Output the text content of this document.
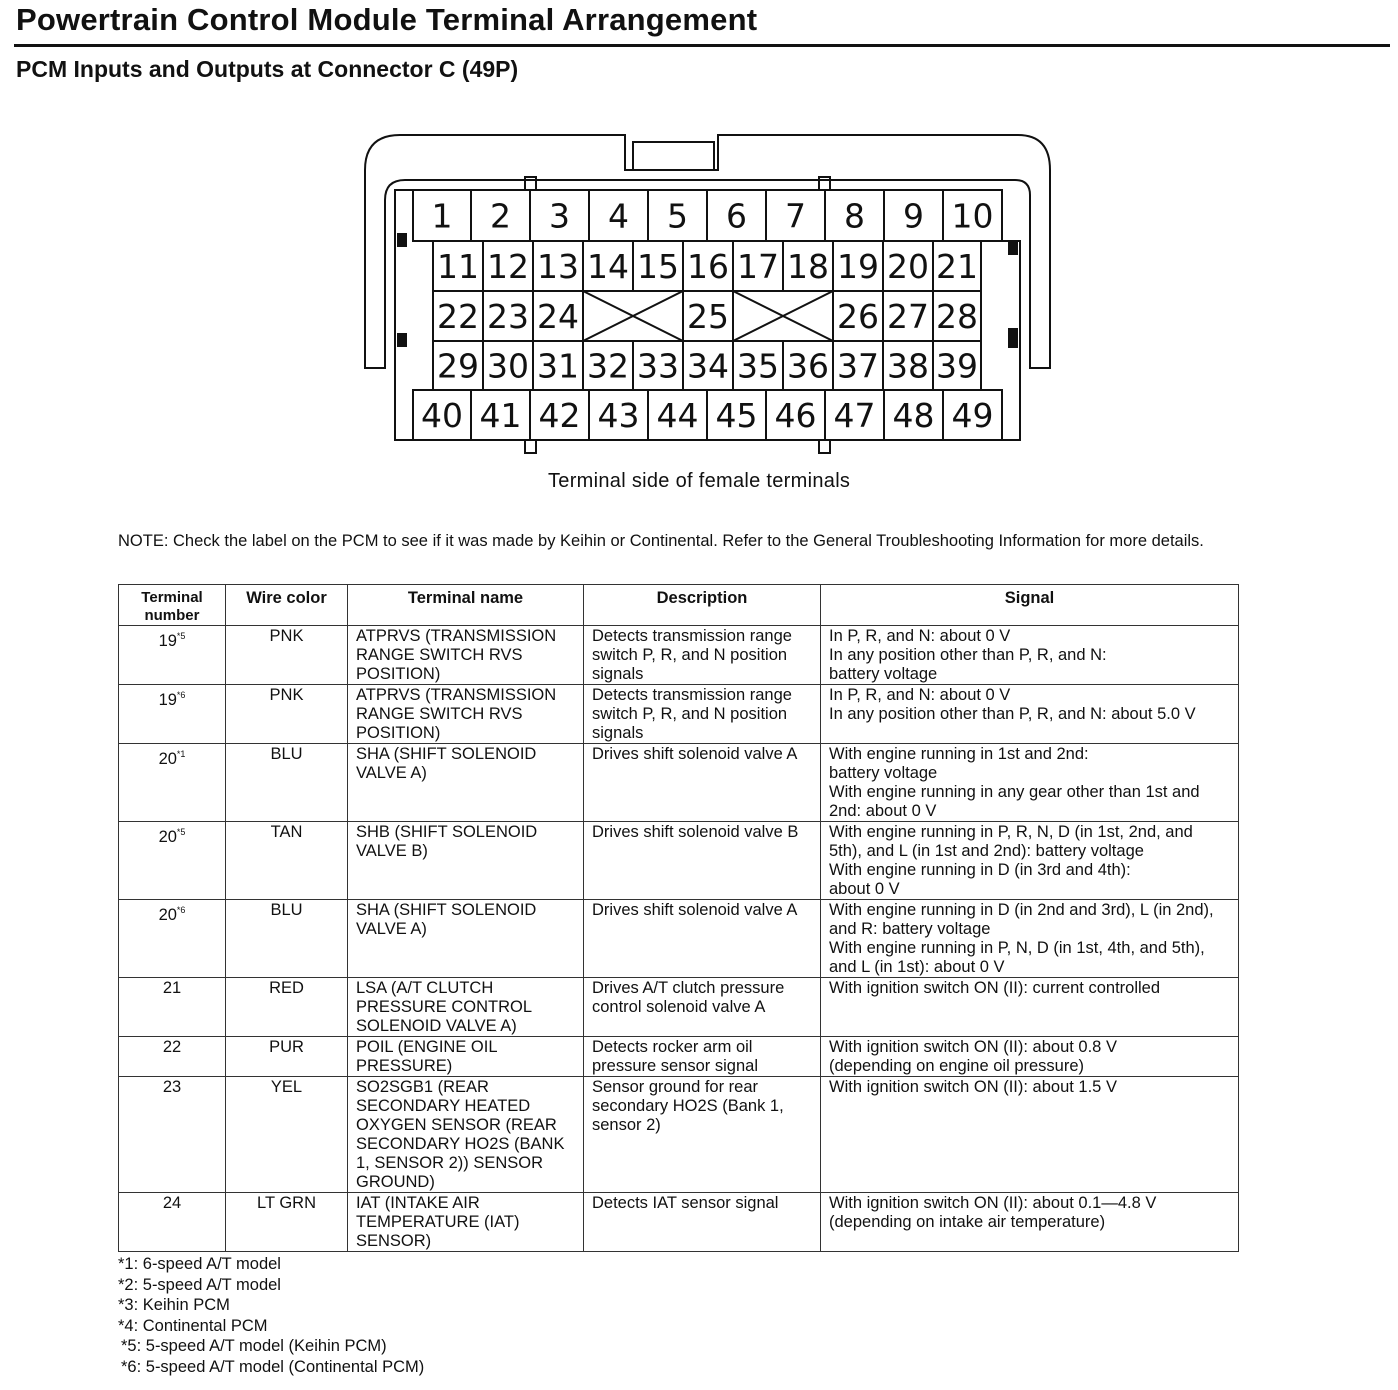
Powertrain Control Module Terminal Arrangement
PCM Inputs and Outputs at Connector C (49P)
1 2 3 4 5 6 7 8 9 10
11 12 13 14 15 16 17 18 19 20 21
22 23 24	25	26 27 28
29 30 31 32 33 34 35 36 37 38 39
40 41 42 43 44 45 46 47 48 49
Terminal side of female terminals
NOTE: Check the label on the PCM to see if it was made by Keihin or Continental. Refer to the General Troubleshooting Information for more details.
Terminal number	Wire color	Terminal name	Description	Signal
19$^{*5}$	PNK	ATPRVS (TRANSMISSION RANGE SWITCH RVS POSITION)	Detects transmission range switch P, R, and N position signals	In P, R, and N: about 0 V
In any position other than P, R, and N:
battery voltage
19$^{*6}$	PNK	ATPRVS (TRANSMISSION RANGE SWITCH RVS POSITION)	Detects transmission range switch P, R, and N position signals	In P, R, and N: about 0 V
In any position other than P, R, and N: about 5.0 V
20$^{*1}$	BLU	SHA (SHIFT SOLENOID VALVE A)	Drives shift solenoid valve A	With engine running in 1st and 2nd:
battery voltage
With engine running in any gear other than 1st and 2nd: about 0 V
20$^{*5}$	TAN	SHB (SHIFT SOLENOID VALVE B)	Drives shift solenoid valve B	With engine running in P, R, N, D (in 1st, 2nd, and 5th), and L (in 1st and 2nd): battery voltage
With engine running in D (in 3rd and 4th):
about 0 V
20$^{*6}$	BLU	SHA (SHIFT SOLENOID VALVE A)	Drives shift solenoid valve A	With engine running in D (in 2nd and 3rd), L (in 2nd), and R: battery voltage
With engine running in P, N, D (in 1st, 4th, and 5th), and L (in 1st): about 0 V
21	RED	LSA (A/T CLUTCH PRESSURE CONTROL SOLENOID VALVE A)	Drives A/T clutch pressure control solenoid valve A	With ignition switch ON (II): current controlled
22	PUR	POIL (ENGINE OIL PRESSURE)	Detects rocker arm oil pressure sensor signal	With ignition switch ON (II): about 0.8 V
(depending on engine oil pressure)
23	YEL	SO2SGB1 (REAR SECONDARY HEATED OXYGEN SENSOR (REAR SECONDARY HO2S (BANK 1, SENSOR 2)) SENSOR GROUND)	Sensor ground for rear secondary HO2S (Bank 1, sensor 2)	With ignition switch ON (II): about 1.5 V
24	LT GRN	IAT (INTAKE AIR TEMPERATURE (IAT) SENSOR)	Detects IAT sensor signal	With ignition switch ON (II): about 0.1—4.8 V
(depending on intake air temperature)
*1: 6-speed A/T model
*2: 5-speed A/T model
*3: Keihin PCM
*4: Continental PCM
*5: 5-speed A/T model (Keihin PCM)
*6: 5-speed A/T model (Continental PCM)
